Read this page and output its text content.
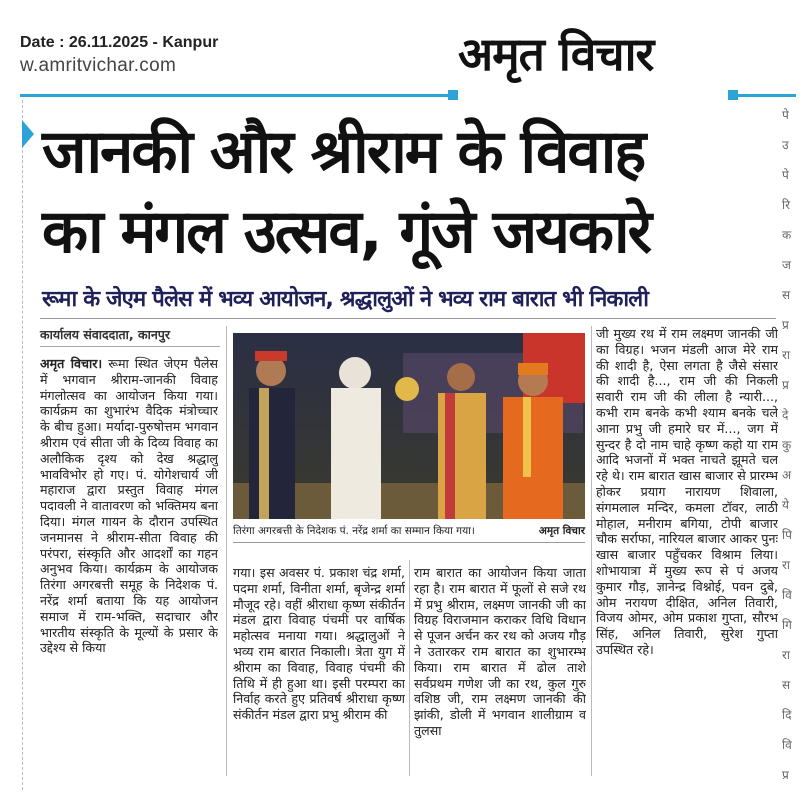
Date : 26.11.2025 - Kanpur
w.amritvichar.com	अमृत विचार
जानकी और श्रीराम के विवाह
का मंगल उत्सव, गूंजे जयकारे
रूमा के जेएम पैलेस में भव्य आयोजन, श्रद्धालुओं ने भव्य राम बारात भी निकाली
कार्यालय संवाददाता, कानपुर

अमृत विचार। रूमा स्थित जेएम पैलेस में भगवान श्रीराम-जानकी विवाह मंगलोत्सव का आयोजन किया गया। कार्यक्रम का शुभारंभ वैदिक मंत्रोच्चार के बीच हुआ। मर्यादा-पुरुषोत्तम भगवान श्रीराम एवं सीता जी के दिव्य विवाह का अलौकिक दृश्य को देख श्रद्धालु भावविभोर हो गए। पं. योगेशचार्य जी महाराज द्वारा प्रस्तुत विवाह मंगल पदावली ने वातावरण को भक्तिमय बना दिया। मंगल गायन के दौरान उपस्थित जनमानस ने श्रीराम-सीता विवाह की परंपरा, संस्कृति और आदर्शों का गहन अनुभव किया। कार्यक्रम के आयोजक तिरंगा अगरबत्ती समूह के निदेशक पं. नरेंद्र शर्मा बताया कि यह आयोजन समाज में राम-भक्ति, सदाचार और भारतीय संस्कृति के मूल्यों के प्रसार के उद्देश्य से किया

तिरंगा अगरबत्ती के निदेशक पं. नरेंद्र शर्मा का सम्मान किया गया।	अमृत विचार

गया। इस अवसर पं. प्रकाश चंद्र शर्मा, पदमा शर्मा, विनीता शर्मा, बृजेन्द्र शर्मा मौजूद रहे। वहीं श्रीराधा कृष्ण संकीर्तन मंडल द्वारा विवाह पंचमी पर वार्षिक महोत्सव मनाया गया। श्रद्धालुओं ने भव्य राम बारात निकाली। त्रेता युग में श्रीराम का विवाह, विवाह पंचमी की तिथि में ही हुआ था। इसी परम्परा का निर्वाह करते हुए प्रतिवर्ष श्रीराधा कृष्ण संकीर्तन मंडल द्वारा प्रभु श्रीराम की

राम बारात का आयोजन किया जाता रहा है। राम बारात में फूलों से सजे रथ में प्रभु श्रीराम, लक्ष्मण जानकी जी का विग्रह विराजमान कराकर विधि विधान से पूजन अर्चन कर रथ को अजय गौड़ ने उतारकर राम बारात का शुभारम्भ किया। राम बारात में ढोल ताशे सर्वप्रथम गणेश जी का रथ, कुल गुरु वशिष्ठ जी, राम लक्ष्मण जानकी की झांकी, डोली में भगवान शालीग्राम व तुलसा

जी मुख्य रथ में राम लक्ष्मण जानकी जी का विग्रह। भजन मंडली आज मेरे राम की शादी है, ऐसा लगता है जैसे संसार की शादी है..., राम जी की निकली सवारी राम जी की लीला है न्यारी..., कभी राम बनके कभी श्याम बनके चले आना प्रभु जी हमारे घर में..., जग में सुन्दर है दो नाम चाहे कृष्ण कहो या राम आदि भजनों में भक्त नाचते झूमते चल रहे थे। राम बारात खास बाजार से प्रारम्भ होकर प्रयाग नारायण शिवाला, संगमलाल मन्दिर, कमला टॉवर, लाठी मोहाल, मनीराम बगिया, टोपी बाजार चौक सर्राफा, नारियल बाजार आकर पुनः खास बाजार पहुँचकर विश्राम लिया। शोभायात्रा में मुख्य रूप से पं अजय कुमार गौड़, ज्ञानेन्द्र विश्नोई, पवन दुबे, ओम नरायण दीक्षित, अनिल तिवारी, विजय ओमर, ओम प्रकाश गुप्ता, सौरभ सिंह, अनिल तिवारी, सुरेश गुप्ता उपस्थित रहे।

पे
उ
पे
रि
क
ज
स
प्र
रा
प्र
दे
कु
अ
ये
पि
रा
वि
गि
रा
स
दि
वि
प्र
